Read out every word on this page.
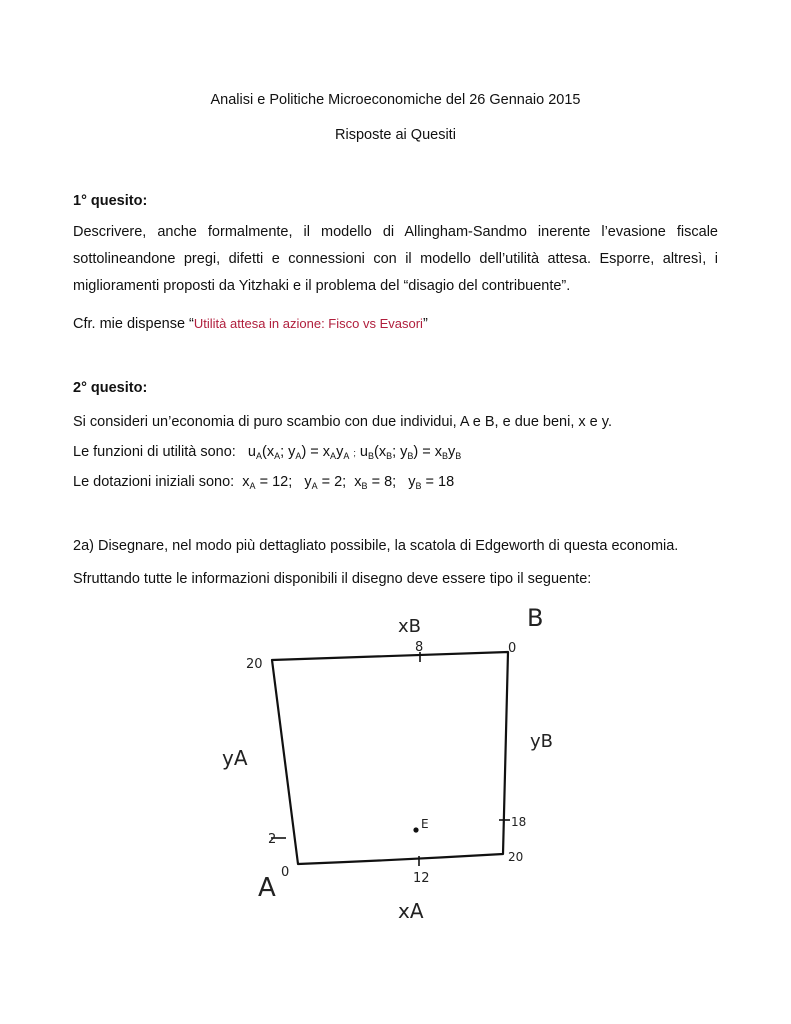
Analisi e Politiche Microeconomiche del 26 Gennaio 2015
Risposte ai Quesiti
1° quesito:
Descrivere, anche formalmente, il modello di Allingham-Sandmo inerente l’evasione fiscale sottolineandone pregi, difetti e connessioni con il modello dell’utilità attesa. Esporre, altresì, i miglioramenti proposti da Yitzhaki e il problema del “disagio del contribuente”.
Cfr. mie dispense “Utilità attesa in azione: Fisco vs Evasori”
2° quesito:
Si consideri un’economia di puro scambio con due individui, A e B, e due beni, x e y.
Le funzioni di utilità sono:   $u_A(x_A$; $y_A) = x_Ay_A$ ; $u_B(x_B$; $y_B) = x_By_B$
Le dotazioni iniziali sono:  $x_A = 12$;   $y_A = 2$;  $x_B = 8$;   $y_B = 18$
2a) Disegnare, nel modo più dettagliato possibile, la scatola di Edgeworth di questa economia.
Sfruttando tutte le informazioni disponibili il disegno deve essere tipo il seguente:
20
2
0	12
8	0
18
20
E
A
B
xA
xB
yA
yB
